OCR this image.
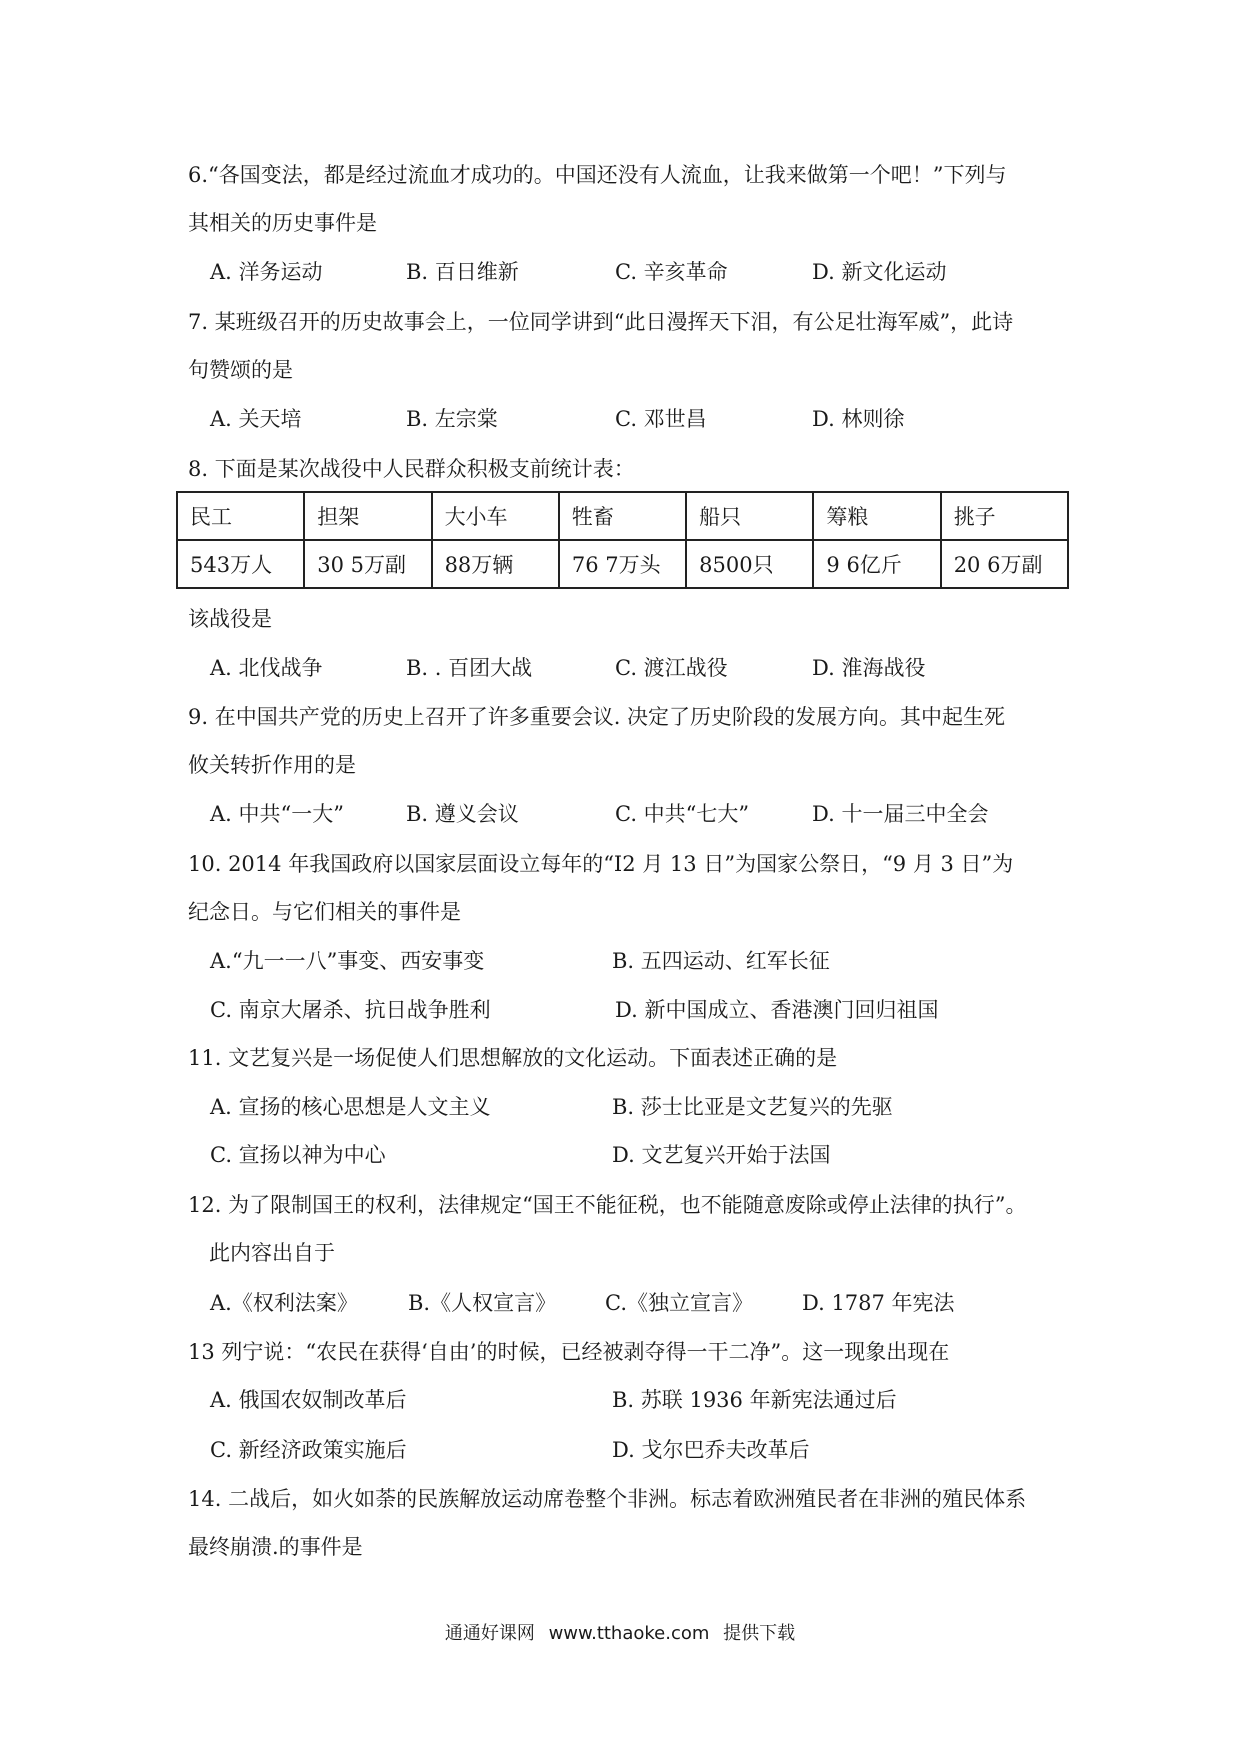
6.“各国变法，都是经过流血才成功的。中国还没有人流血，让我来做第一个吧！”下列与
其相关的历史事件是
A. 洋务运动	B. 百日维新	C. 辛亥革命	D. 新文化运动
7. 某班级召开的历史故事会上，一位同学讲到“此日漫挥天下泪，有公足壮海军威”，此诗
句赞颂的是
A. 关天培	B. 左宗棠	C. 邓世昌	D. 林则徐
8. 下面是某次战役中人民群众积极支前统计表：
民工	担架	大小车	牲畜	船只	筹粮	挑子
543万人	30 5万副	88万辆	76 7万头	8500只	9 6亿斤	20 6万副
该战役是
A. 北伐战争	B. . 百团大战	C. 渡江战役	D. 淮海战役
9. 在中国共产党的历史上召开了许多重要会议. 决定了历史阶段的发展方向。其中起生死
攸关转折作用的是
A. 中共“一大”	B. 遵义会议	C. 中共“七大”	D. 十一届三中全会
10. 2014 年我国政府以国家层面设立每年的“I2 月 13 日”为国家公祭日，“9 月 3 日”为
纪念日。与它们相关的事件是
A.“九一一八”事变、西安事变	B. 五四运动、红军长征
C. 南京大屠杀、抗日战争胜利	D. 新中国成立、香港澳门回归祖国
11. 文艺复兴是一场促使人们思想解放的文化运动。下面表述正确的是
A. 宣扬的核心思想是人文主义	B. 莎士比亚是文艺复兴的先驱
C. 宣扬以神为中心	D. 文艺复兴开始于法国
12. 为了限制国王的权利，法律规定“国王不能征税，也不能随意废除或停止法律的执行”。
此内容出自于
A.《权利法案》 B.《人权宣言》 C.《独立宣言》 D. 1787 年宪法
13 列宁说：“农民在获得‘自由’的时候，已经被剥夺得一干二净”。这一现象出现在
A. 俄国农奴制改革后	B. 苏联 1936 年新宪法通过后
C. 新经济政策实施后	D. 戈尔巴乔夫改革后
14. 二战后，如火如荼的民族解放运动席卷整个非洲。标志着欧洲殖民者在非洲的殖民体系
最终崩溃.的事件是
通通好课网 www.tthaoke.com 提供下载
